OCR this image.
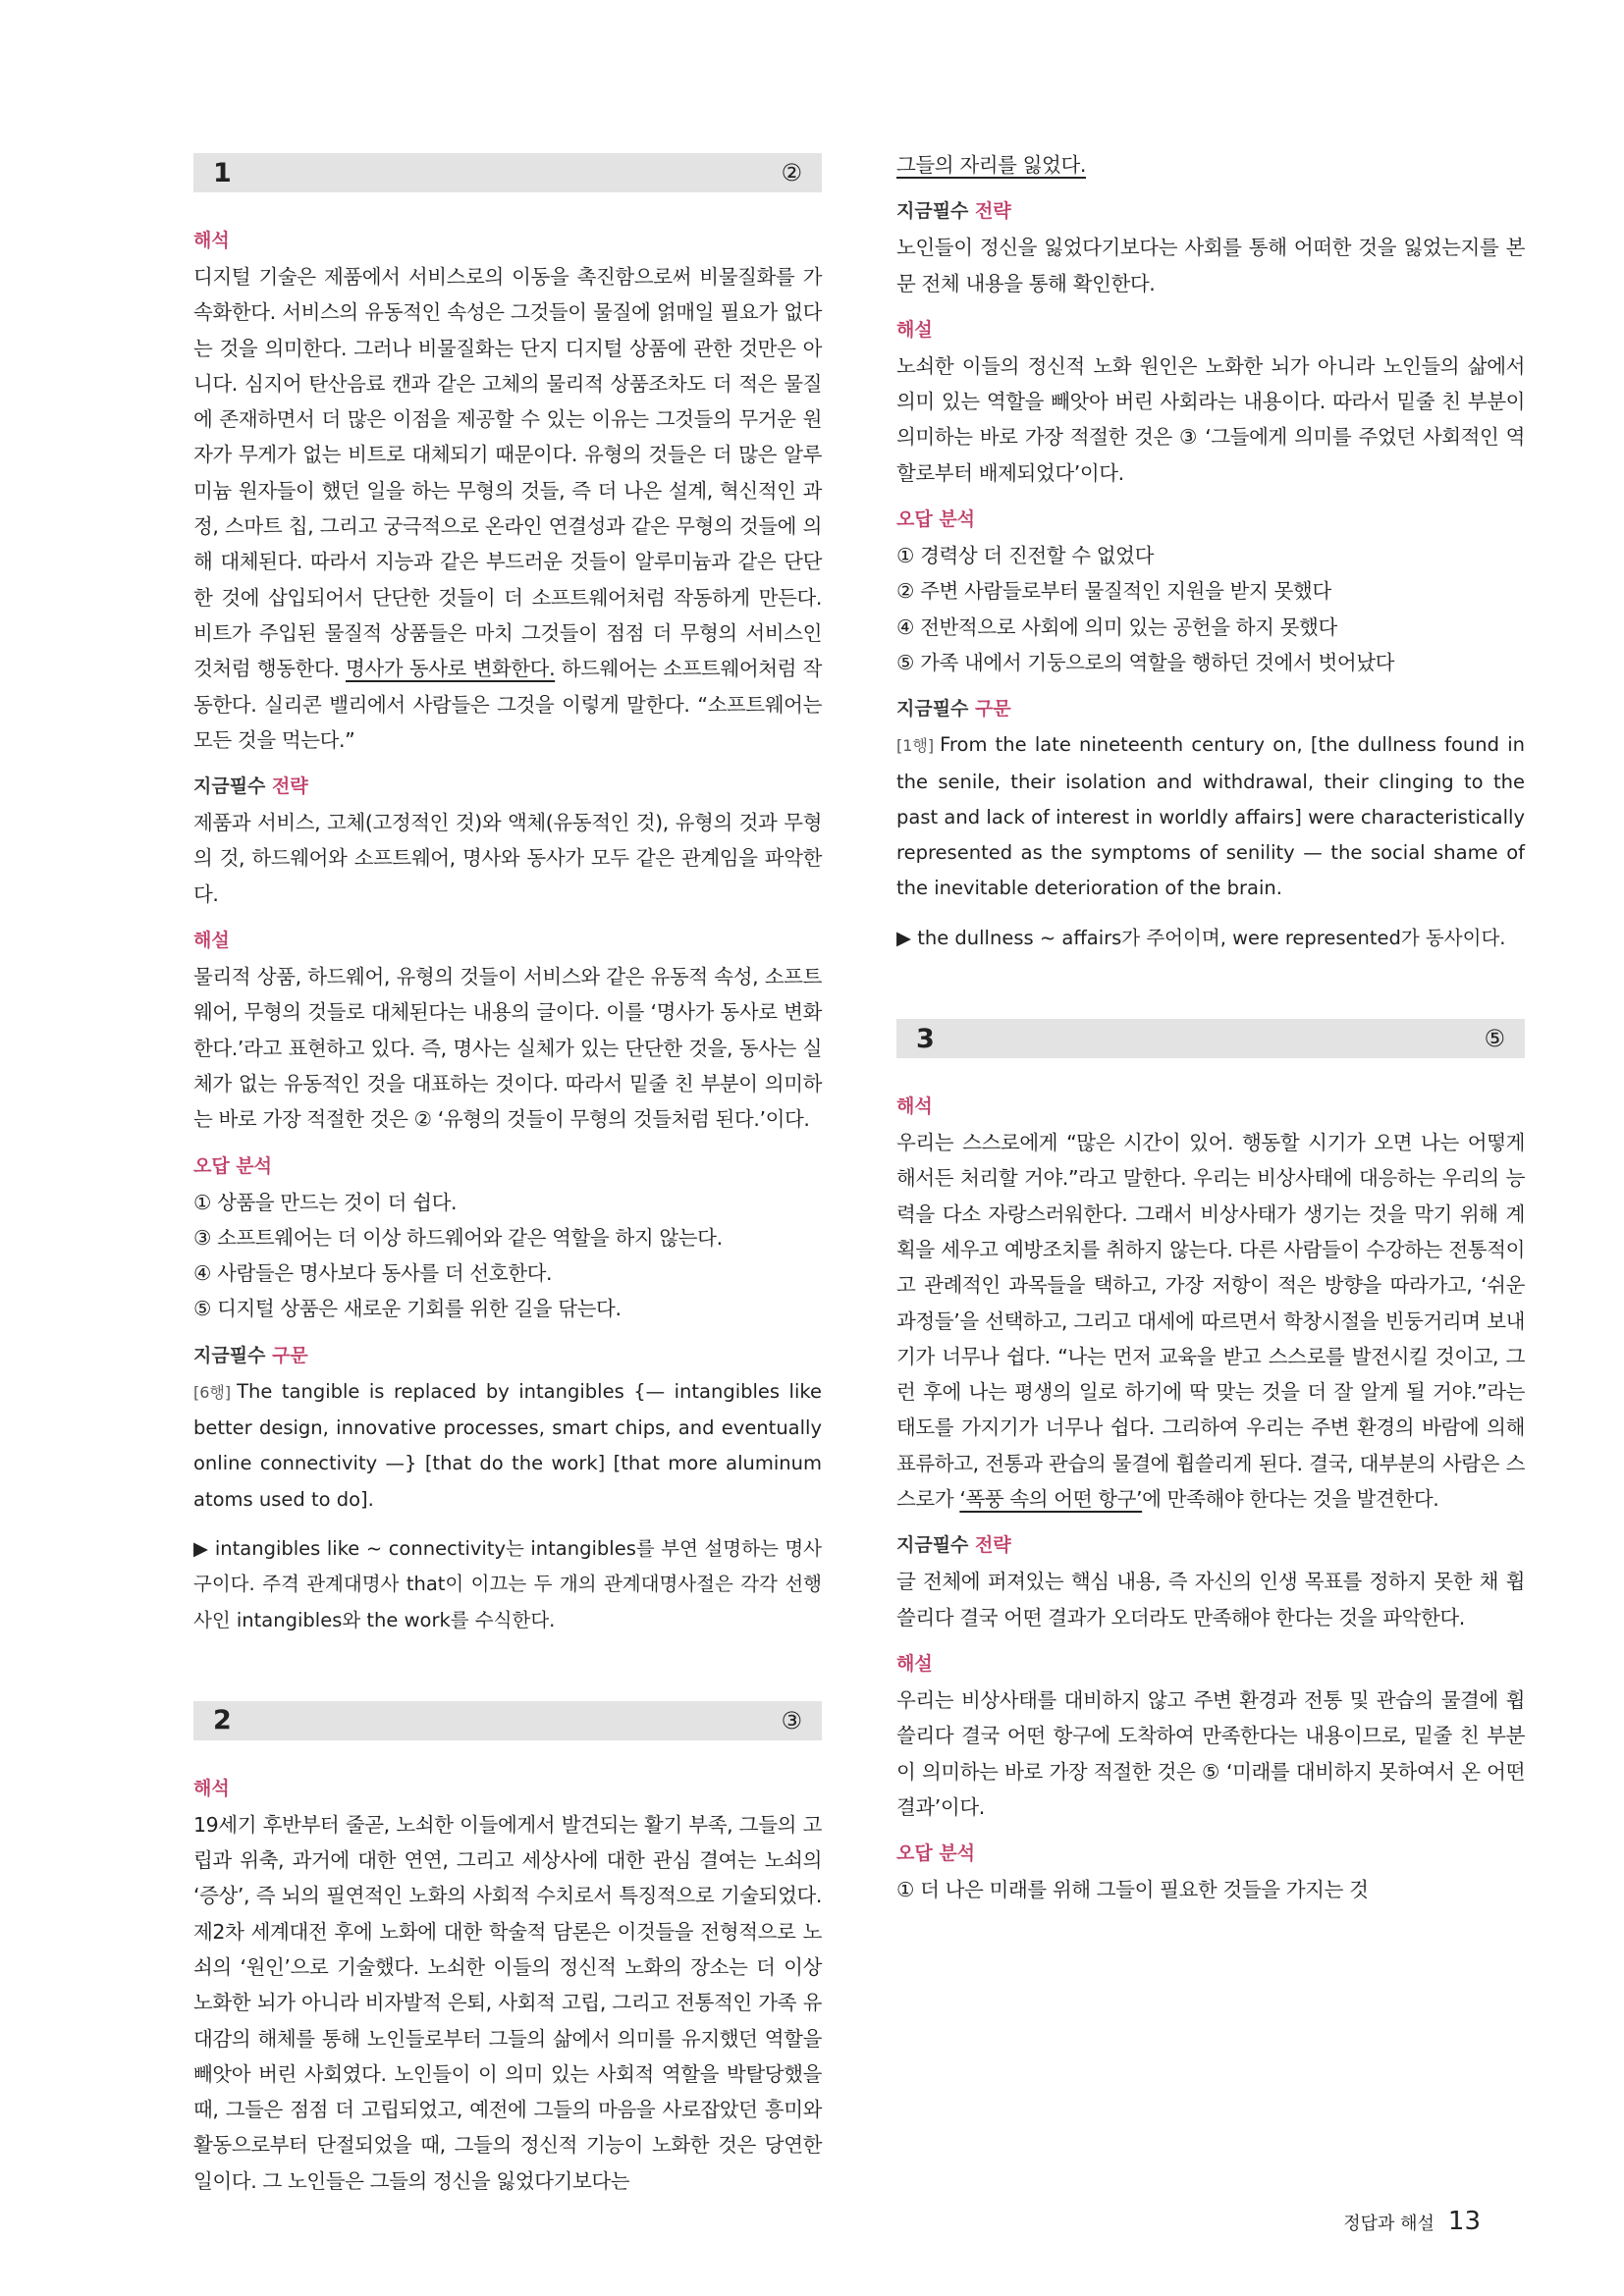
1	②
해석
디지털 기술은 제품에서 서비스로의 이동을 촉진함으로써 비물질화를 가속화한다. 서비스의 유동적인 속성은 그것들이 물질에 얽매일 필요가 없다는 것을 의미한다. 그러나 비물질화는 단지 디지털 상품에 관한 것만은 아니다. 심지어 탄산음료 캔과 같은 고체의 물리적 상품조차도 더 적은 물질에 존재하면서 더 많은 이점을 제공할 수 있는 이유는 그것들의 무거운 원자가 무게가 없는 비트로 대체되기 때문이다. 유형의 것들은 더 많은 알루미늄 원자들이 했던 일을 하는 무형의 것들, 즉 더 나은 설계, 혁신적인 과정, 스마트 칩, 그리고 궁극적으로 온라인 연결성과 같은 무형의 것들에 의해 대체된다. 따라서 지능과 같은 부드러운 것들이 알루미늄과 같은 단단한 것에 삽입되어서 단단한 것들이 더 소프트웨어처럼 작동하게 만든다. 비트가 주입된 물질적 상품들은 마치 그것들이 점점 더 무형의 서비스인 것처럼 행동한다. 명사가 동사로 변화한다. 하드웨어는 소프트웨어처럼 작동한다. 실리콘 밸리에서 사람들은 그것을 이렇게 말한다. “소프트웨어는 모든 것을 먹는다.”
지금필수 전략
제품과 서비스, 고체(고정적인 것)와 액체(유동적인 것), 유형의 것과 무형의 것, 하드웨어와 소프트웨어, 명사와 동사가 모두 같은 관계임을 파악한다.
해설
물리적 상품, 하드웨어, 유형의 것들이 서비스와 같은 유동적 속성, 소프트웨어, 무형의 것들로 대체된다는 내용의 글이다. 이를 ‘명사가 동사로 변화한다.’라고 표현하고 있다. 즉, 명사는 실체가 있는 단단한 것을, 동사는 실체가 없는 유동적인 것을 대표하는 것이다. 따라서 밑줄 친 부분이 의미하는 바로 가장 적절한 것은 ② ‘유형의 것들이 무형의 것들처럼 된다.’이다.
오답 분석
① 상품을 만드는 것이 더 쉽다.
③ 소프트웨어는 더 이상 하드웨어와 같은 역할을 하지 않는다.
④ 사람들은 명사보다 동사를 더 선호한다.
⑤ 디지털 상품은 새로운 기회를 위한 길을 닦는다.
지금필수 구문
[6행] The tangible is replaced by intangibles {— intangibles like better design, innovative processes, smart chips, and eventually online connectivity —} [that do the work] [that more aluminum atoms used to do].
▶ intangibles like ~ connectivity는 intangibles를 부연 설명하는 명사구이다. 주격 관계대명사 that이 이끄는 두 개의 관계대명사절은 각각 선행사인 intangibles와 the work를 수식한다.
2	③
해석
19세기 후반부터 줄곧, 노쇠한 이들에게서 발견되는 활기 부족, 그들의 고립과 위축, 과거에 대한 연연, 그리고 세상사에 대한 관심 결여는 노쇠의 ‘증상’, 즉 뇌의 필연적인 노화의 사회적 수치로서 특징적으로 기술되었다. 제2차 세계대전 후에 노화에 대한 학술적 담론은 이것들을 전형적으로 노쇠의 ‘원인’으로 기술했다. 노쇠한 이들의 정신적 노화의 장소는 더 이상 노화한 뇌가 아니라 비자발적 은퇴, 사회적 고립, 그리고 전통적인 가족 유대감의 해체를 통해 노인들로부터 그들의 삶에서 의미를 유지했던 역할을 빼앗아 버린 사회였다. 노인들이 이 의미 있는 사회적 역할을 박탈당했을 때, 그들은 점점 더 고립되었고, 예전에 그들의 마음을 사로잡았던 흥미와 활동으로부터 단절되었을 때, 그들의 정신적 기능이 노화한 것은 당연한 일이다. 그 노인들은 그들의 정신을 잃었다기보다는
그들의 자리를 잃었다.
지금필수 전략
노인들이 정신을 잃었다기보다는 사회를 통해 어떠한 것을 잃었는지를 본문 전체 내용을 통해 확인한다.
해설
노쇠한 이들의 정신적 노화 원인은 노화한 뇌가 아니라 노인들의 삶에서 의미 있는 역할을 빼앗아 버린 사회라는 내용이다. 따라서 밑줄 친 부분이 의미하는 바로 가장 적절한 것은 ③ ‘그들에게 의미를 주었던 사회적인 역할로부터 배제되었다’이다.
오답 분석
① 경력상 더 진전할 수 없었다
② 주변 사람들로부터 물질적인 지원을 받지 못했다
④ 전반적으로 사회에 의미 있는 공헌을 하지 못했다
⑤ 가족 내에서 기둥으로의 역할을 행하던 것에서 벗어났다
지금필수 구문
[1행] From the late nineteenth century on, [the dullness found in the senile, their isolation and withdrawal, their clinging to the past and lack of interest in worldly affairs] were characteristically represented as the symptoms of senility — the social shame of the inevitable deterioration of the brain.
▶ the dullness ~ affairs가 주어이며, were represented가 동사이다.
3	⑤
해석
우리는 스스로에게 “많은 시간이 있어. 행동할 시기가 오면 나는 어떻게 해서든 처리할 거야.”라고 말한다. 우리는 비상사태에 대응하는 우리의 능력을 다소 자랑스러워한다. 그래서 비상사태가 생기는 것을 막기 위해 계획을 세우고 예방조치를 취하지 않는다. 다른 사람들이 수강하는 전통적이고 관례적인 과목들을 택하고, 가장 저항이 적은 방향을 따라가고, ‘쉬운 과정들’을 선택하고, 그리고 대세에 따르면서 학창시절을 빈둥거리며 보내기가 너무나 쉽다. “나는 먼저 교육을 받고 스스로를 발전시킬 것이고, 그런 후에 나는 평생의 일로 하기에 딱 맞는 것을 더 잘 알게 될 거야.”라는 태도를 가지기가 너무나 쉽다. 그리하여 우리는 주변 환경의 바람에 의해 표류하고, 전통과 관습의 물결에 휩쓸리게 된다. 결국, 대부분의 사람은 스스로가 ‘폭풍 속의 어떤 항구’에 만족해야 한다는 것을 발견한다.
지금필수 전략
글 전체에 퍼져있는 핵심 내용, 즉 자신의 인생 목표를 정하지 못한 채 휩쓸리다 결국 어떤 결과가 오더라도 만족해야 한다는 것을 파악한다.
해설
우리는 비상사태를 대비하지 않고 주변 환경과 전통 및 관습의 물결에 휩쓸리다 결국 어떤 항구에 도착하여 만족한다는 내용이므로, 밑줄 친 부분이 의미하는 바로 가장 적절한 것은 ⑤ ‘미래를 대비하지 못하여서 온 어떤 결과’이다.
오답 분석
① 더 나은 미래를 위해 그들이 필요한 것들을 가지는 것
정답과 해설 13
